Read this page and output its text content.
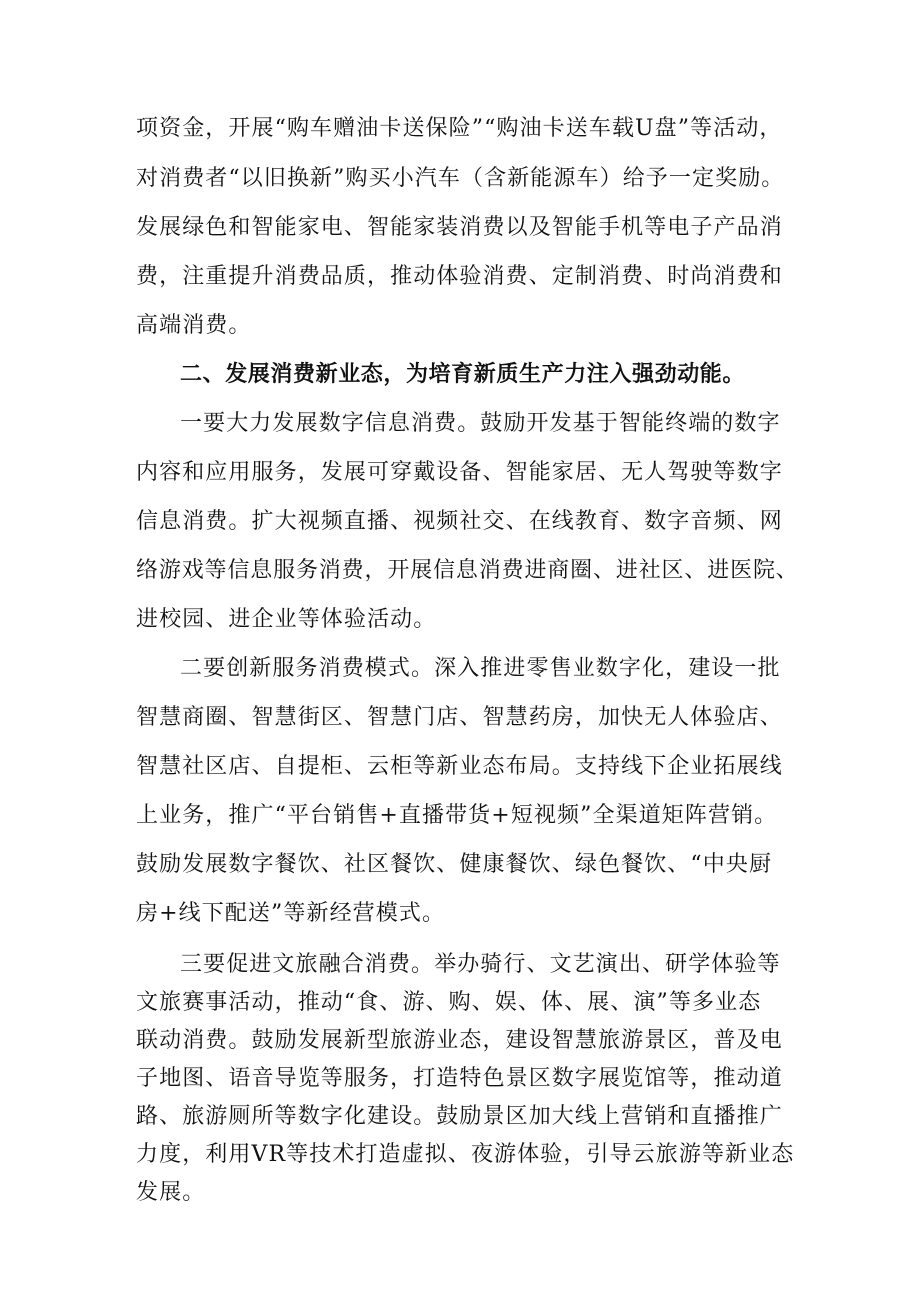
项资金，开展“购车赠油卡送保险”“购油卡送车载U盘”等活动，
对消费者“以旧换新”购买小汽车（含新能源车）给予一定奖励。
发展绿色和智能家电、智能家装消费以及智能手机等电子产品消
费，注重提升消费品质，推动体验消费、定制消费、时尚消费和
高端消费。
二、发展消费新业态，为培育新质生产力注入强劲动能。
一要大力发展数字信息消费。鼓励开发基于智能终端的数字
内容和应用服务，发展可穿戴设备、智能家居、无人驾驶等数字
信息消费。扩大视频直播、视频社交、在线教育、数字音频、网
络游戏等信息服务消费，开展信息消费进商圈、进社区、进医院、
进校园、进企业等体验活动。
二要创新服务消费模式。深入推进零售业数字化，建设一批
智慧商圈、智慧街区、智慧门店、智慧药房，加快无人体验店、
智慧社区店、自提柜、云柜等新业态布局。支持线下企业拓展线
上业务，推广“平台销售+直播带货+短视频”全渠道矩阵营销。
鼓励发展数字餐饮、社区餐饮、健康餐饮、绿色餐饮、“中央厨
房+线下配送”等新经营模式。
三要促进文旅融合消费。举办骑行、文艺演出、研学体验等
文旅赛事活动，推动“食、游、购、娱、体、展、演”等多业态
联动消费。鼓励发展新型旅游业态，建设智慧旅游景区，普及电
子地图、语音导览等服务，打造特色景区数字展览馆等，推动道
路、旅游厕所等数字化建设。鼓励景区加大线上营销和直播推广
力度，利用VR等技术打造虚拟、夜游体验，引导云旅游等新业态
发展。
